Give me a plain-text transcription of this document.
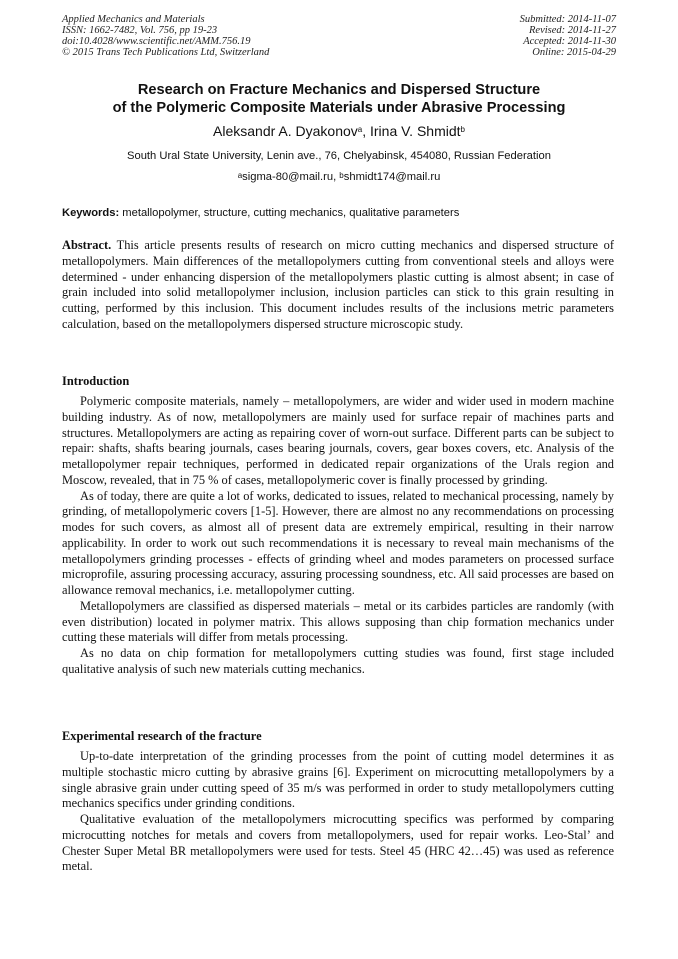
Applied Mechanics and Materials
ISSN: 1662-7482, Vol. 756, pp 19-23
doi:10.4028/www.scientific.net/AMM.756.19
© 2015 Trans Tech Publications Ltd, Switzerland
Submitted: 2014-11-07
Revised: 2014-11-27
Accepted: 2014-11-30
Online: 2015-04-29
Research on Fracture Mechanics and Dispersed Structure
of the Polymeric Composite Materials under Abrasive Processing
Aleksandr A. Dyakonov$^a$, Irina V. Shmidt$^b$
South Ural State University, Lenin ave., 76, Chelyabinsk, 454080, Russian Federation
$^a$sigma-80@mail.ru, $^b$shmidt174@mail.ru
Keywords: metallopolymer, structure, cutting mechanics, qualitative parameters

Abstract. This article presents results of research on micro cutting mechanics and dispersed structure of metallopolymers. Main differences of the metallopolymers cutting from conventional steels and alloys were determined - under enhancing dispersion of the metallopolymers plastic cutting is almost absent; in case of grain included into solid metallopolymer inclusion, inclusion particles can stick to this grain resulting in cutting, performed by this inclusion. This document includes results of the inclusions metric parameters calculation, based on the metallopolymers dispersed structure microscopic study.

Introduction

Polymeric composite materials, namely – metallopolymers, are wider and wider used in modern machine building industry. As of now, metallopolymers are mainly used for surface repair of machines parts and structures. Metallopolymers are acting as repairing cover of worn-out surface. Different parts can be subject to repair: shafts, shafts bearing journals, cases bearing journals, covers, gear boxes covers, etc. Analysis of the metallopolymer repair techniques, performed in dedicated repair organizations of the Urals region and Moscow, revealed, that in 75 % of cases, metallopolymeric cover is finally processed by grinding.

As of today, there are quite a lot of works, dedicated to issues, related to mechanical processing, namely by grinding, of metallopolymeric covers [1-5]. However, there are almost no any recommendations on processing modes for such covers, as almost all of present data are extremely empirical, resulting in their narrow applicability. In order to work out such recommendations it is necessary to reveal main mechanisms of the metallopolymers grinding processes - effects of grinding wheel and modes parameters on processed surface microprofile, assuring processing accuracy, assuring processing soundness, etc. All said processes are based on allowance removal mechanics, i.e. metallopolymer cutting.

Metallopolymers are classified as dispersed materials – metal or its carbides particles are randomly (with even distribution) located in polymer matrix. This allows supposing than chip formation mechanics under cutting these materials will differ from metals processing.

As no data on chip formation for metallopolymers cutting studies was found, first stage included qualitative analysis of such new materials cutting mechanics.

Experimental research of the fracture

Up-to-date interpretation of the grinding processes from the point of cutting model determines it as multiple stochastic micro cutting by abrasive grains [6]. Experiment on microcutting metallopolymers by a single abrasive grain under cutting speed of 35 m/s was performed in order to study metallopolymers cutting mechanics specifics under grinding conditions.

Qualitative evaluation of the metallopolymers microcutting specifics was performed by comparing microcutting notches for metals and covers from metallopolymers, used for repair works. Leo-Stal’ and Chester Super Metal BR metallopolymers were used for tests. Steel 45 (HRC 42…45) was used as reference metal.
